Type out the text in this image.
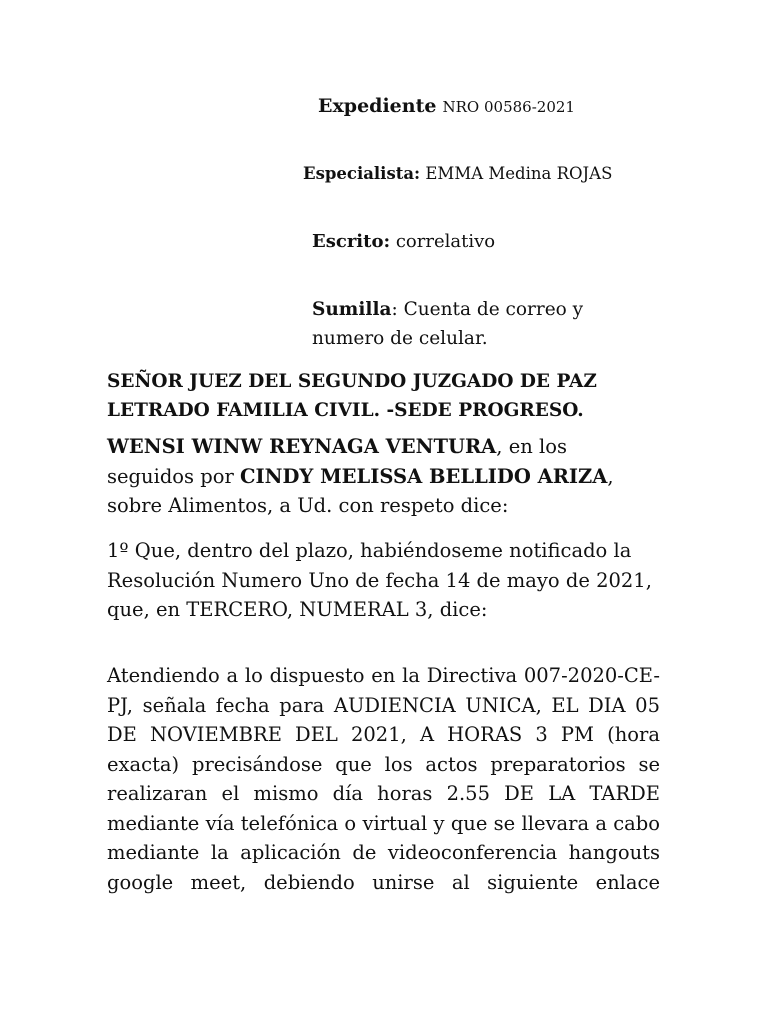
Expediente NRO 00586-2021
Especialista: EMMA Medina ROJAS
Escrito: correlativo
Sumilla: Cuenta de correo y numero de celular.
SEÑOR JUEZ DEL SEGUNDO JUZGADO DE PAZ LETRADO FAMILIA CIVIL. -SEDE PROGRESO.
WENSI WINW REYNAGA VENTURA, en los seguidos por CINDY MELISSA BELLIDO ARIZA, sobre Alimentos, a Ud. con respeto dice:
1º Que, dentro del plazo, habiéndoseme notificado la Resolución Numero Uno de fecha 14 de mayo de 2021, que, en TERCERO, NUMERAL 3, dice:
Atendiendo a lo dispuesto en la Directiva 007-2020-CE-PJ, señala fecha para AUDIENCIA UNICA, EL DIA 05 DE NOVIEMBRE DEL 2021, A HORAS 3 PM (hora exacta) precisándose que los actos preparatorios se realizaran el mismo día horas 2.55 DE LA TARDE mediante vía telefónica o virtual y que se llevara a cabo mediante la aplicación de videoconferencia hangouts google meet, debiendo unirse al siguiente enlace
